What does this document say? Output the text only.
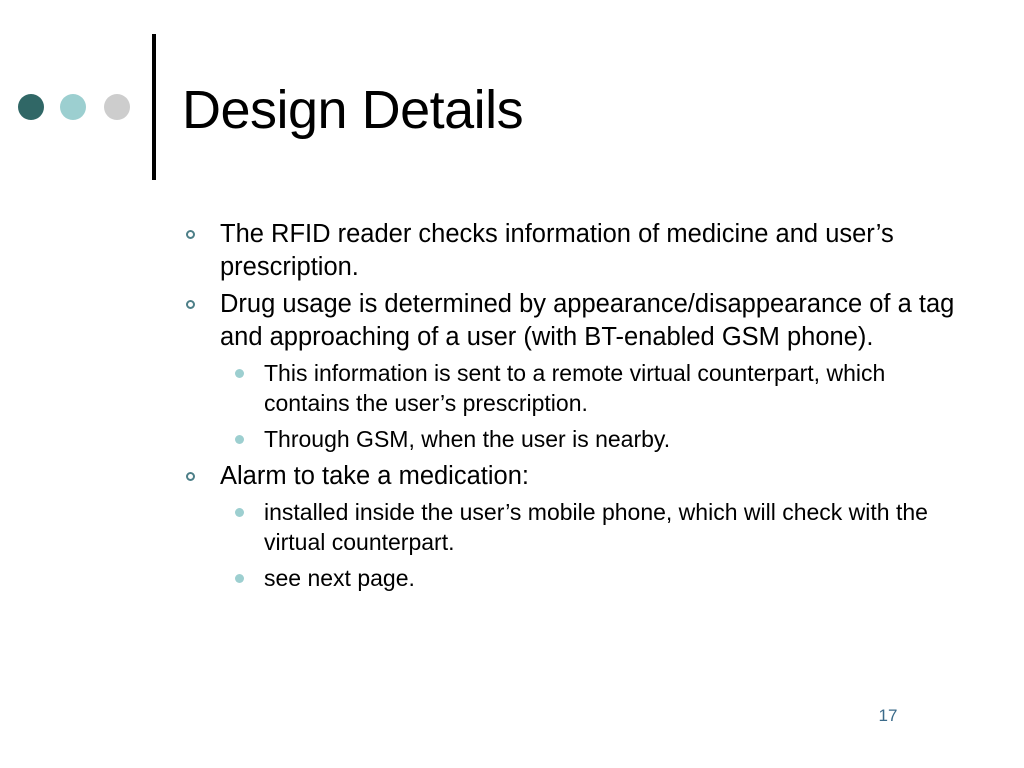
Design Details
The RFID reader checks information of medicine and user’s prescription.
Drug usage is determined by appearance/disappearance of a tag and approaching of a user (with BT-enabled GSM phone).
This information is sent to a remote virtual counterpart, which contains the user’s prescription.
Through GSM, when the user is nearby.
Alarm to take a medication:
installed inside the user’s mobile phone, which will check with the virtual counterpart.
see next page.
17
